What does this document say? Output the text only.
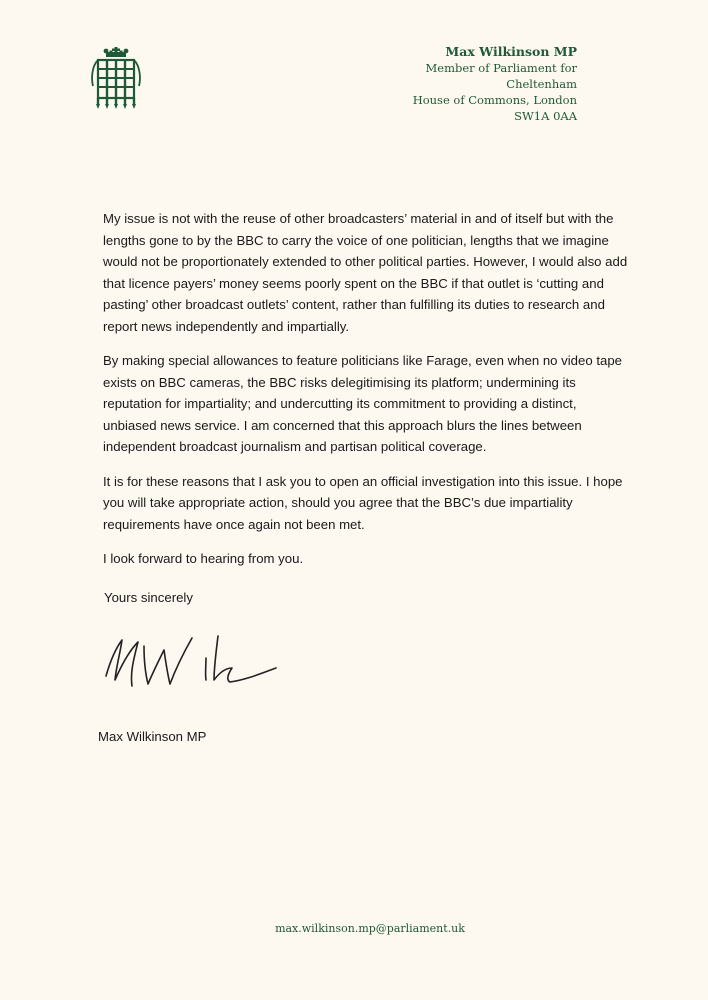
Max Wilkinson MP
Member of Parliament for
Cheltenham
House of Commons, London
SW1A 0AA

My issue is not with the reuse of other broadcasters’ material in and of itself but with the lengths gone to by the BBC to carry the voice of one politician, lengths that we imagine would not be proportionately extended to other political parties. However, I would also add that licence payers’ money seems poorly spent on the BBC if that outlet is ‘cutting and pasting’ other broadcast outlets’ content, rather than fulfilling its duties to research and report news independently and impartially.

By making special allowances to feature politicians like Farage, even when no video tape exists on BBC cameras, the BBC risks delegitimising its platform; undermining its reputation for impartiality; and undercutting its commitment to providing a distinct, unbiased news service. I am concerned that this approach blurs the lines between independent broadcast journalism and partisan political coverage.

It is for these reasons that I ask you to open an official investigation into this issue. I hope you will take appropriate action, should you agree that the BBC’s due impartiality requirements have once again not been met.

I look forward to hearing from you.

Yours sincerely
Max Wilkinson MP
max.wilkinson.mp@parliament.uk
